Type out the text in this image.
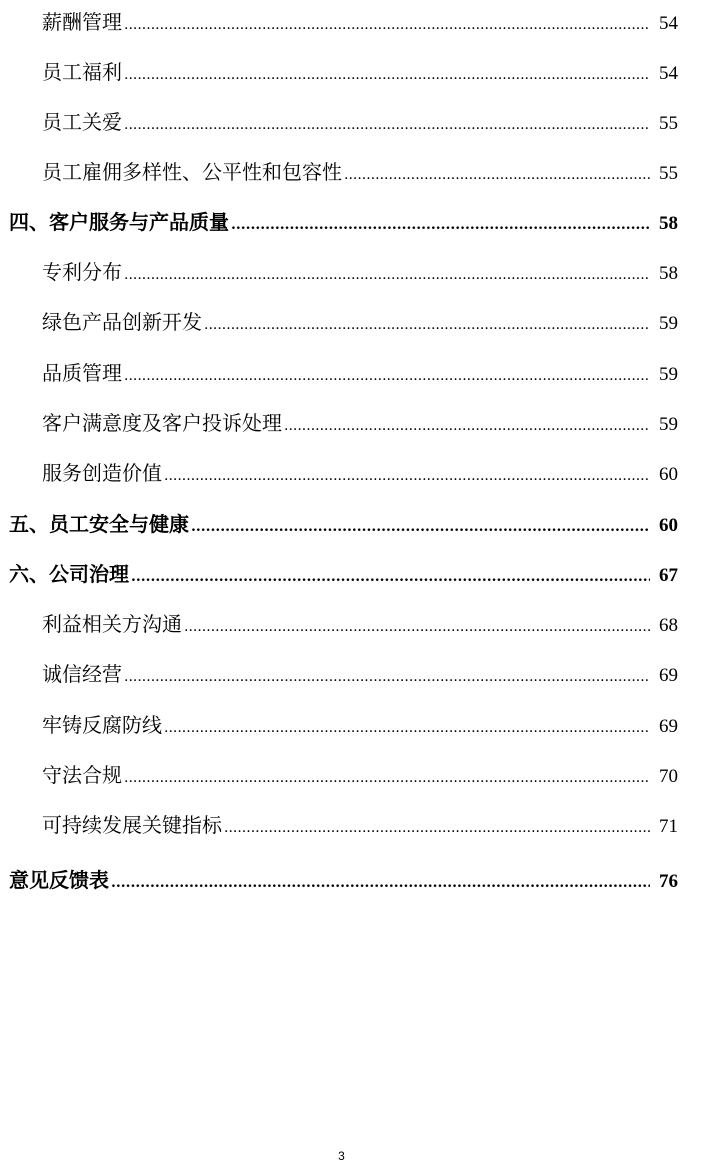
薪酬管理 .....	54
员工福利 .....	54
员工关爱 .....	55
员工雇佣多样性、公平性和包容性 .....	55
四、客户服务与产品质量 .....	58
专利分布 .....	58
绿色产品创新开发 .....	59
品质管理 .....	59
客户满意度及客户投诉处理 .....	59
服务创造价值 .....	60
五、员工安全与健康 .....	60
六、公司治理 .....	67
利益相关方沟通 .....	68
诚信经营 .....	69
牢铸反腐防线 .....	69
守法合规 .....	70
可持续发展关键指标 .....	71
意见反馈表 .....	76
3
